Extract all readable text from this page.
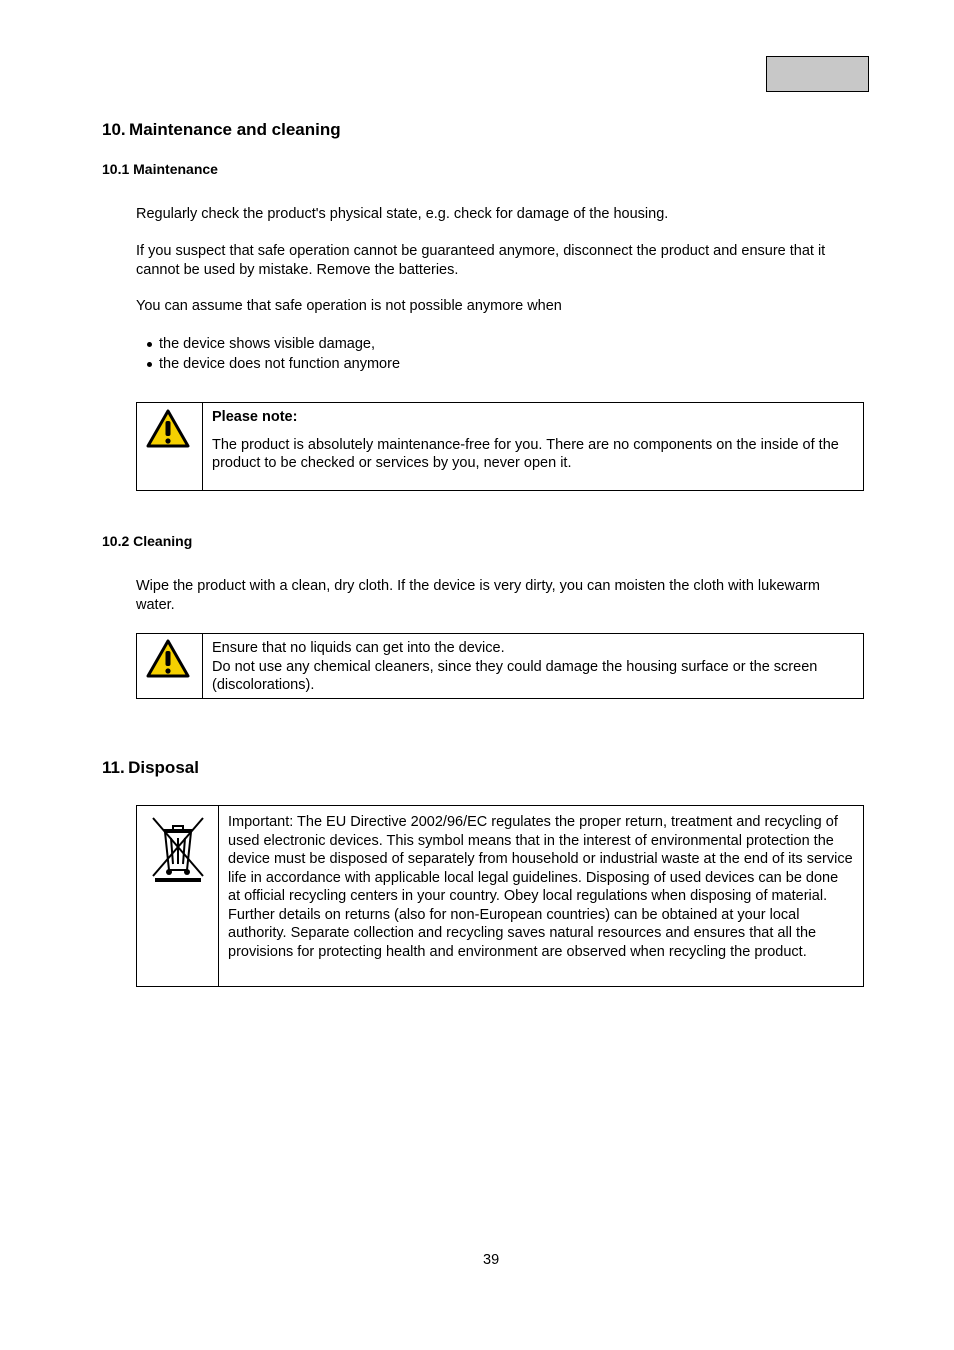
10. Maintenance and cleaning
10.1 Maintenance
Regularly check the product's physical state, e.g. check for damage of the housing.
If you suspect that safe operation cannot be guaranteed anymore, disconnect the product and ensure that it cannot be used by mistake. Remove the batteries.
You can assume that safe operation is not possible anymore when
the device shows visible damage,
the device does not function anymore
Please note:
The product is absolutely maintenance-free for you. There are no components on the inside of the product to be checked or services by you, never open it.
10.2 Cleaning
Wipe the product with a clean, dry cloth. If the device is very dirty, you can moisten the cloth with lukewarm water.
Ensure that no liquids can get into the device.
Do not use any chemical cleaners, since they could damage the housing surface or the screen (discolorations).
11. Disposal
Important: The EU Directive 2002/96/EC regulates the proper return, treatment and recycling of used electronic devices. This symbol means that in the interest of environmental protection the device must be disposed of separately from household or industrial waste at the end of its service life in accordance with applicable local legal guidelines. Disposing of used devices can be done at official recycling centers in your country. Obey local regulations when disposing of material. Further details on returns (also for non-European countries) can be obtained at your local authority. Separate collection and recycling saves natural resources and ensures that all the provisions for protecting health and environment are observed when recycling the product.
39
